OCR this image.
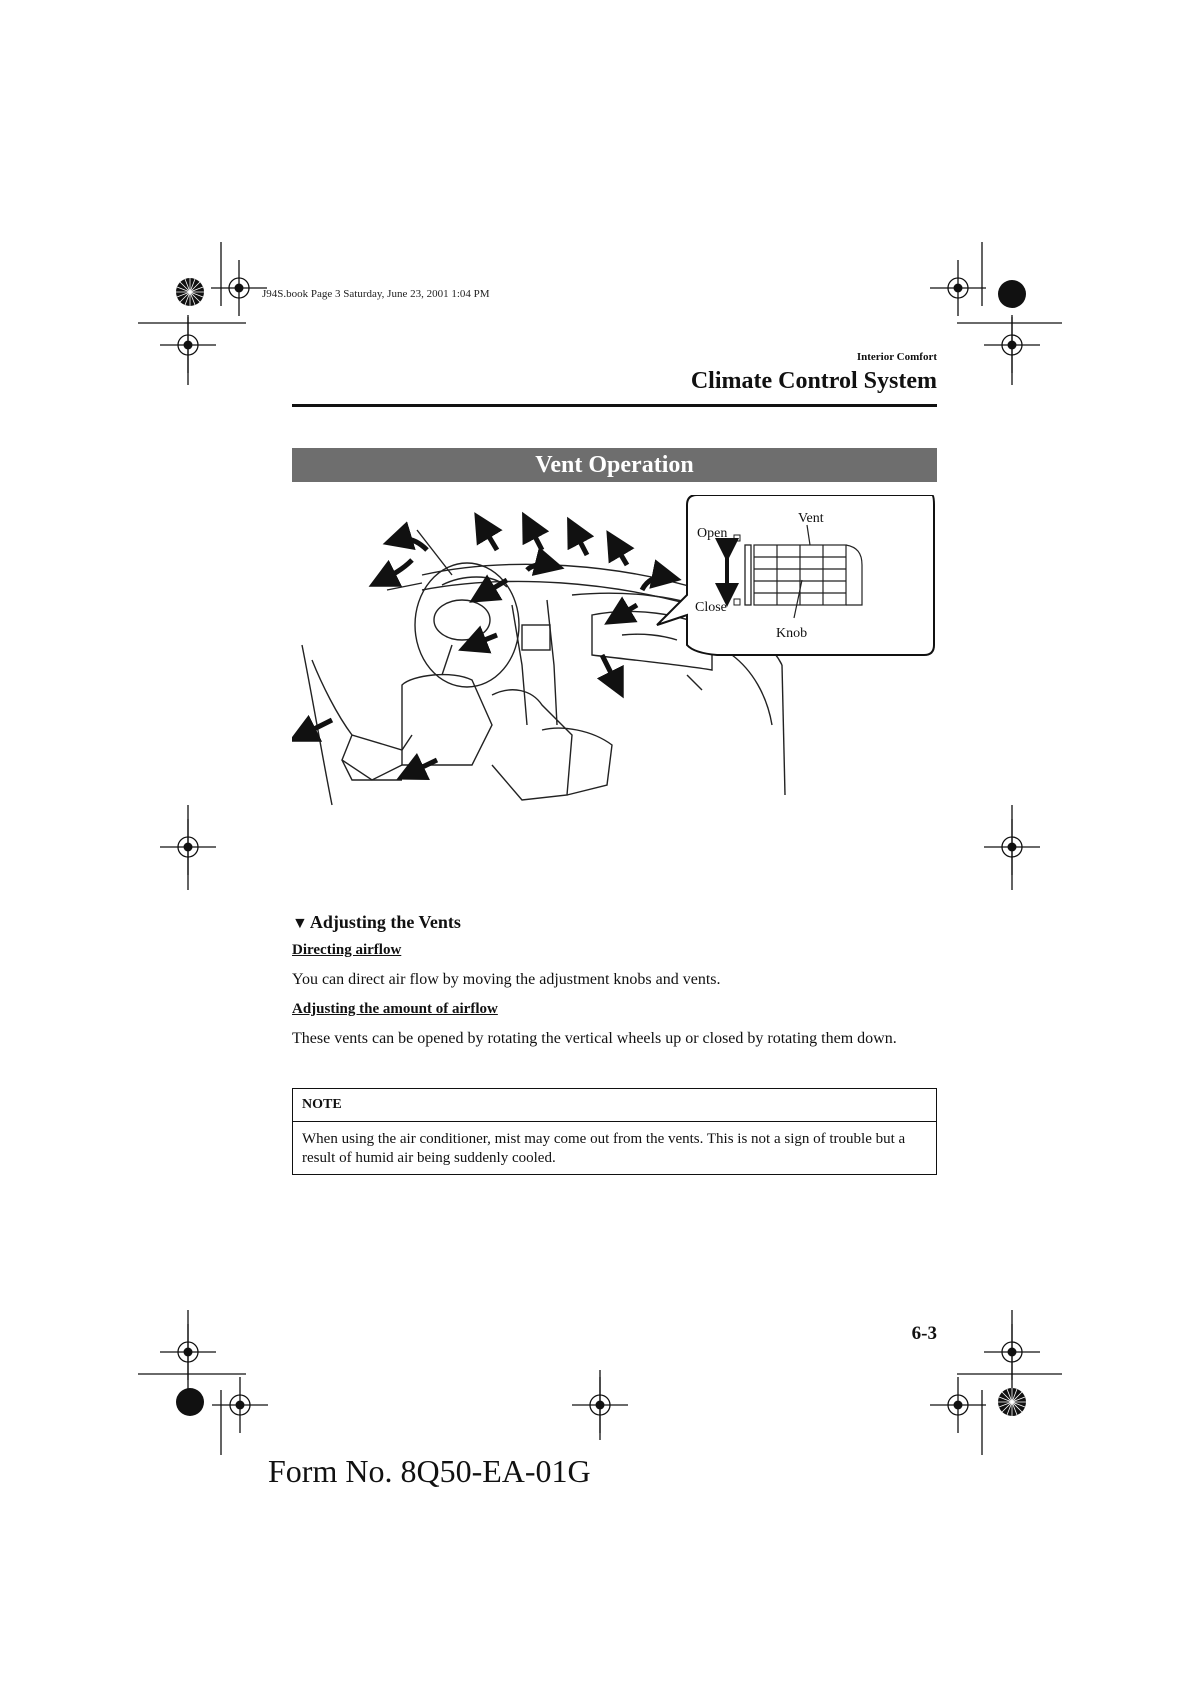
J94S.book Page 3 Saturday, June 23, 2001 1:04 PM
Interior Comfort
Climate Control System
Vent Operation
Open
Close
Vent
Knob
▼ Adjusting the Vents
Directing airflow
You can direct air flow by moving the adjustment knobs and vents.
Adjusting the amount of airflow
These vents can be opened by rotating the vertical wheels up or closed by rotating them down.
NOTE
When using the air conditioner, mist may come out from the vents. This is not a sign of trouble but a result of humid air being suddenly cooled.
6-3
Form No. 8Q50-EA-01G
